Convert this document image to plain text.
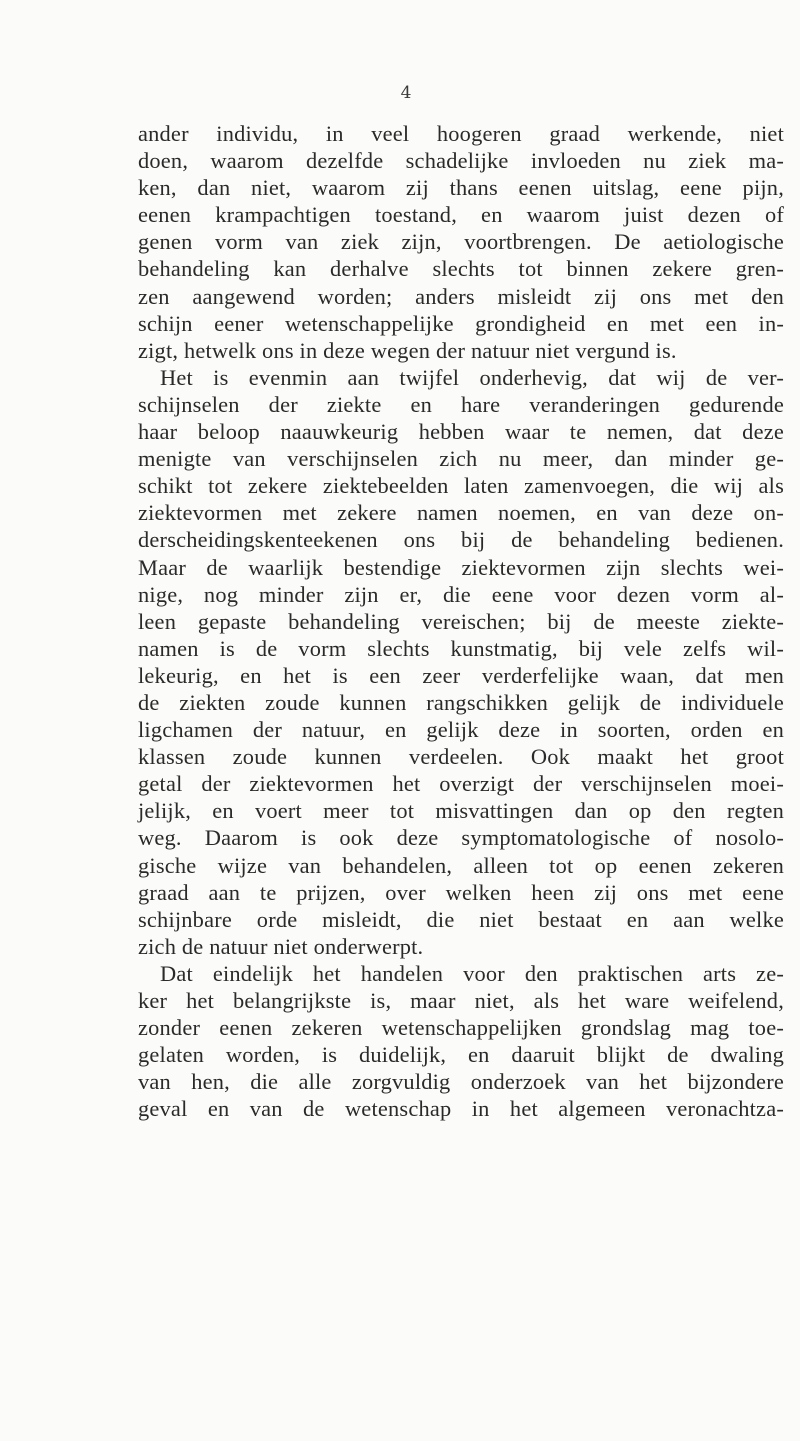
4
ander individu, in veel hoogeren graad werkende, niet
doen, waarom dezelfde schadelijke invloeden nu ziek ma-
ken, dan niet, waarom zij thans eenen uitslag, eene pijn,
eenen krampachtigen toestand, en waarom juist dezen of
genen vorm van ziek zijn, voortbrengen. De aetiologische
behandeling kan derhalve slechts tot binnen zekere gren-
zen aangewend worden; anders misleidt zij ons met den
schijn eener wetenschappelijke grondigheid en met een in-
zigt, hetwelk ons in deze wegen der natuur niet vergund is.
Het is evenmin aan twijfel onderhevig, dat wij de ver-
schijnselen der ziekte en hare veranderingen gedurende
haar beloop naauwkeurig hebben waar te nemen, dat deze
menigte van verschijnselen zich nu meer, dan minder ge-
schikt tot zekere ziektebeelden laten zamenvoegen, die wij als
ziektevormen met zekere namen noemen, en van deze on-
derscheidingskenteekenen ons bij de behandeling bedienen.
Maar de waarlijk bestendige ziektevormen zijn slechts wei-
nige, nog minder zijn er, die eene voor dezen vorm al-
leen gepaste behandeling vereischen; bij de meeste ziekte-
namen is de vorm slechts kunstmatig, bij vele zelfs wil-
lekeurig, en het is een zeer verderfelijke waan, dat men
de ziekten zoude kunnen rangschikken gelijk de individuele
ligchamen der natuur, en gelijk deze in soorten, orden en
klassen zoude kunnen verdeelen. Ook maakt het groot
getal der ziektevormen het overzigt der verschijnselen moei-
jelijk, en voert meer tot misvattingen dan op den regten
weg. Daarom is ook deze symptomatologische of nosolo-
gische wijze van behandelen, alleen tot op eenen zekeren
graad aan te prijzen, over welken heen zij ons met eene
schijnbare orde misleidt, die niet bestaat en aan welke
zich de natuur niet onderwerpt.
Dat eindelijk het handelen voor den praktischen arts ze-
ker het belangrijkste is, maar niet, als het ware weifelend,
zonder eenen zekeren wetenschappelijken grondslag mag toe-
gelaten worden, is duidelijk, en daaruit blijkt de dwaling
van hen, die alle zorgvuldig onderzoek van het bijzondere
geval en van de wetenschap in het algemeen veronachtza-
